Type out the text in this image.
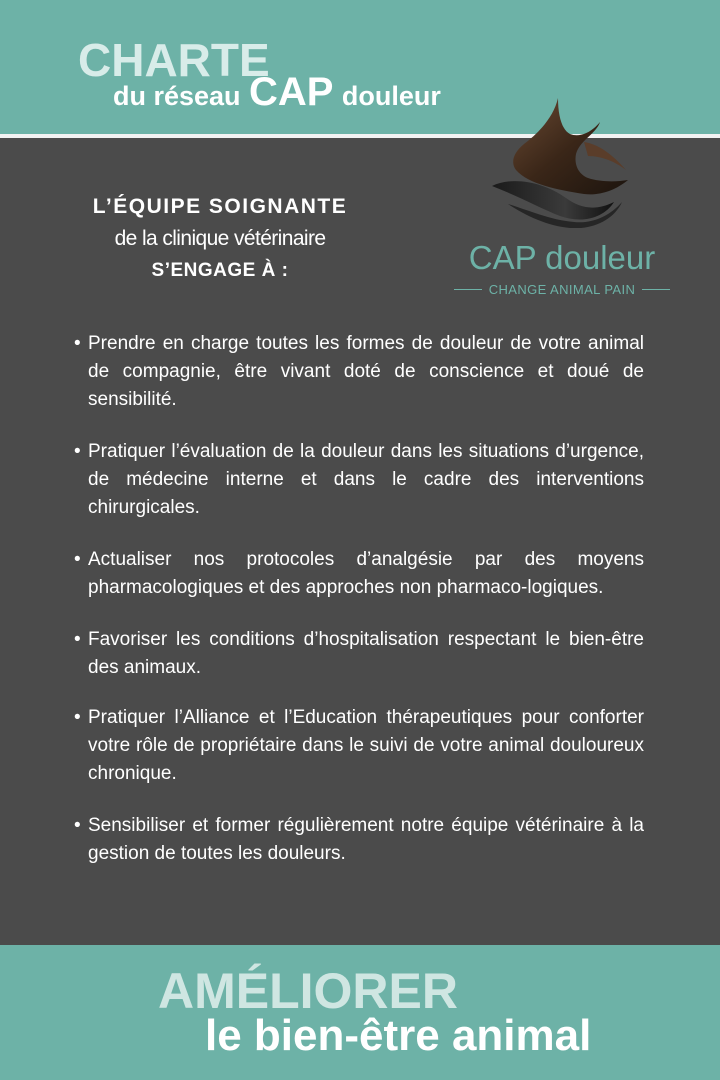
CHARTE
du réseau CAP douleur
L’ÉQUIPE SOIGNANTE
de la clinique vétérinaire
S’ENGAGE À :	CAP douleur
CHANGE ANIMAL PAIN
• Prendre en charge toutes les formes de douleur de votre animal de compagnie, être vivant doté de conscience et doué de sensibilité.
• Pratiquer l’évaluation de la douleur dans les situations d’urgence, de médecine interne et dans le cadre des interventions chirurgicales.
• Actualiser nos protocoles d’analgésie par des moyens pharmacologiques et des approches non pharmaco-logiques.
• Favoriser les conditions d’hospitalisation respectant le bien-être des animaux.
• Pratiquer l’Alliance et l’Education thérapeutiques pour conforter votre rôle de propriétaire dans le suivi de votre animal douloureux chronique.
• Sensibiliser et former régulièrement notre équipe vétérinaire à la gestion de toutes les douleurs.
AMÉLIORER
le bien-être animal
